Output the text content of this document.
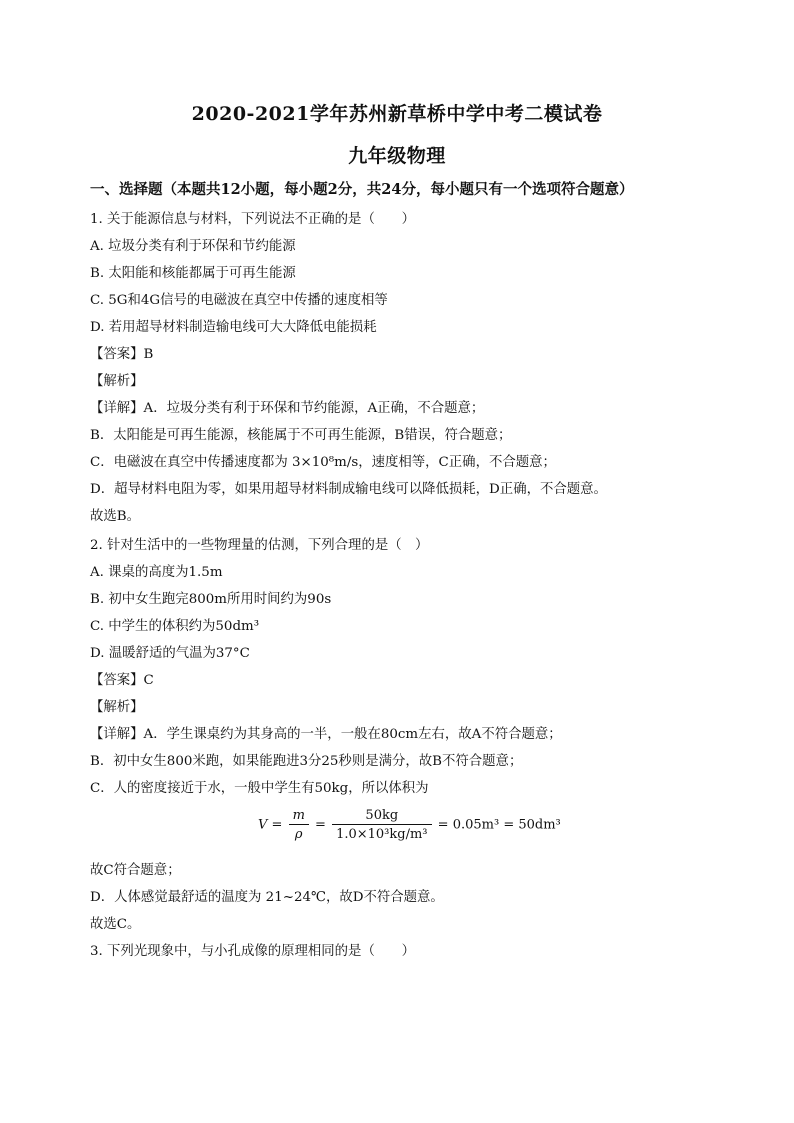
2020-2021学年苏州新草桥中学中考二模试卷
九年级物理
一、选择题（本题共12小题，每小题2分，共24分，每小题只有一个选项符合题意）
1. 关于能源信息与材料，下列说法不正确的是（　　）
A. 垃圾分类有利于环保和节约能源
B. 太阳能和核能都属于可再生能源
C. 5G和4G信号的电磁波在真空中传播的速度相等
D. 若用超导材料制造输电线可大大降低电能损耗
【答案】B
【解析】
【详解】A．垃圾分类有利于环保和节约能源，A正确，不合题意；
B．太阳能是可再生能源，核能属于不可再生能源，B错误，符合题意；
C．电磁波在真空中传播速度都为 3×10⁸m/s，速度相等，C正确，不合题意；
D．超导材料电阻为零，如果用超导材料制成输电线可以降低损耗，D正确，不合题意。
故选B。
2. 针对生活中的一些物理量的估测，下列合理的是（　）
A. 课桌的高度为1.5m
B. 初中女生跑完800m所用时间约为90s
C. 中学生的体积约为50dm³
D. 温暖舒适的气温为37°C
【答案】C
【解析】
【详解】A．学生课桌约为其身高的一半，一般在80cm左右，故A不符合题意；
B．初中女生800米跑，如果能跑进3分25秒则是满分，故B不符合题意；
C．人的密度接近于水，一般中学生有50kg，所以体积为
$V = \frac{m}{\rho} = \frac{50kg}{\text{1.0×10³kg/m³}} = 0.05m^3 = 50dm^3$
故C符合题意；
D．人体感觉最舒适的温度为 21~24℃，故D不符合题意。
故选C。
3. 下列光现象中，与小孔成像的原理相同的是（　　）
